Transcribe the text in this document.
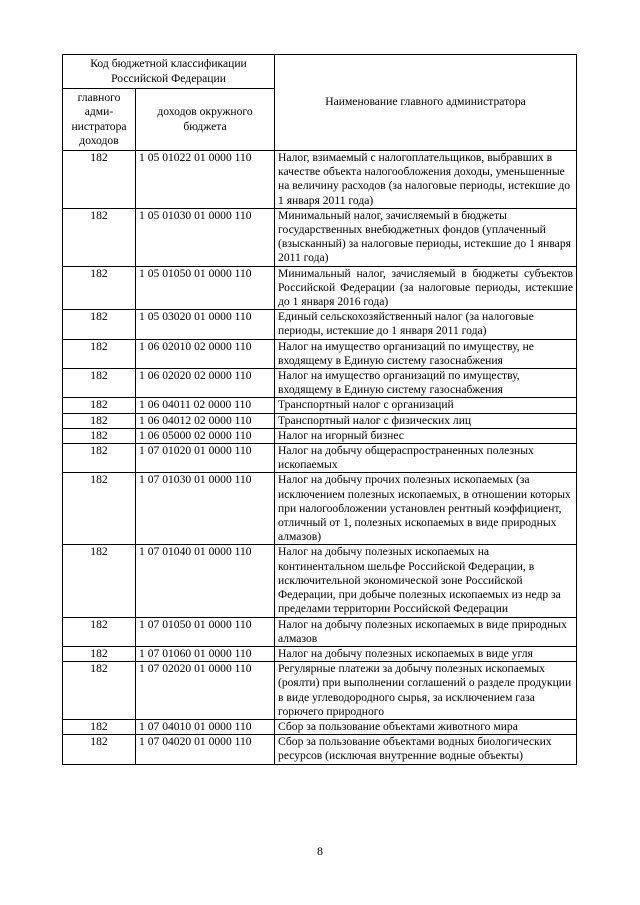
Код бюджетной классификации Российской Федерации		Наименование главного администратора
главного адми-нистратора доходов	доходов окружного бюджета	
182	1 05 01022 01 0000 110	Налог, взимаемый с налогоплательщиков, выбравших в качестве объекта налогообложения доходы, уменьшенные на величину расходов (за налоговые периоды, истекшие до 1 января 2011 года)
182	1 05 01030 01 0000 110	Минимальный налог, зачисляемый в бюджеты государственных внебюджетных фондов (уплаченный (взысканный) за налоговые периоды, истекшие до 1 января 2011 года)
182	1 05 01050 01 0000 110	Минимальный налог, зачисляемый в бюджеты субъектов Российской Федерации (за налоговые периоды, истекшие до 1 января 2016 года)
182	1 05 03020 01 0000 110	Единый сельскохозяйственный налог (за налоговые периоды, истекшие до 1 января 2011 года)
182	1 06 02010 02 0000 110	Налог на имущество организаций по имуществу, не входящему в Единую систему газоснабжения
182	1 06 02020 02 0000 110	Налог на имущество организаций по имуществу, входящему в Единую систему газоснабжения
182	1 06 04011 02 0000 110	Транспортный налог с организаций
182	1 06 04012 02 0000 110	Транспортный налог с физических лиц
182	1 06 05000 02 0000 110	Налог на игорный бизнес
182	1 07 01020 01 0000 110	Налог на добычу общераспространенных полезных ископаемых
182	1 07 01030 01 0000 110	Налог на добычу прочих полезных ископаемых (за исключением полезных ископаемых, в отношении которых при налогообложении установлен рентный коэффициент, отличный от 1, полезных ископаемых в виде природных алмазов)
182	1 07 01040 01 0000 110	Налог на добычу полезных ископаемых на континентальном шельфе Российской Федерации, в исключительной экономической зоне Российской Федерации, при добыче полезных ископаемых из недр за пределами территории Российской Федерации
182	1 07 01050 01 0000 110	Налог на добычу полезных ископаемых в виде природных алмазов
182	1 07 01060 01 0000 110	Налог на добычу полезных ископаемых в виде угля
182	1 07 02020 01 0000 110	Регулярные платежи за добычу полезных ископаемых (роялти) при выполнении соглашений о разделе продукции в виде углеводородного сырья, за исключением газа горючего природного
182	1 07 04010 01 0000 110	Сбор за пользование объектами животного мира
182	1 07 04020 01 0000 110	Сбор за пользование объектами водных биологических ресурсов (исключая внутренние водные объекты)
8
